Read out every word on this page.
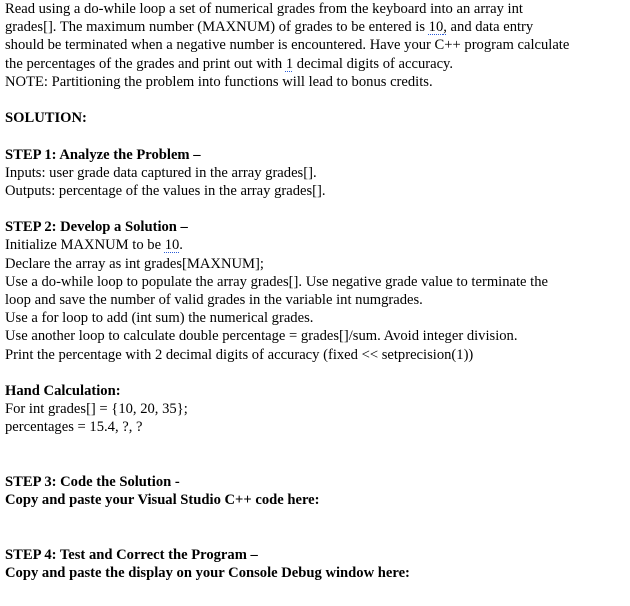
Read using a do-while loop a set of numerical grades from the keyboard into an array int
grades[]. The maximum number (MAXNUM) of grades to be entered is 10, and data entry
should be terminated when a negative number is encountered. Have your C++ program calculate
the percentages of the grades and print out with 1 decimal digits of accuracy.
NOTE: Partitioning the problem into functions will lead to bonus credits.
SOLUTION:
STEP 1: Analyze the Problem –
Inputs: user grade data captured in the array grades[].
Outputs: percentage of the values in the array grades[].
STEP 2: Develop a Solution –
Initialize MAXNUM to be 10.
Declare the array as int grades[MAXNUM];
Use a do-while loop to populate the array grades[]. Use negative grade value to terminate the
loop and save the number of valid grades in the variable int numgrades.
Use a for loop to add (int sum) the numerical grades.
Use another loop to calculate double percentage = grades[]/sum. Avoid integer division.
Print the percentage with 2 decimal digits of accuracy (fixed << setprecision(1))
Hand Calculation:
For int grades[] = {10, 20, 35};
percentages = 15.4, ?, ?
STEP 3: Code the Solution -
Copy and paste your Visual Studio C++ code here:
STEP 4: Test and Correct the Program –
Copy and paste the display on your Console Debug window here:
